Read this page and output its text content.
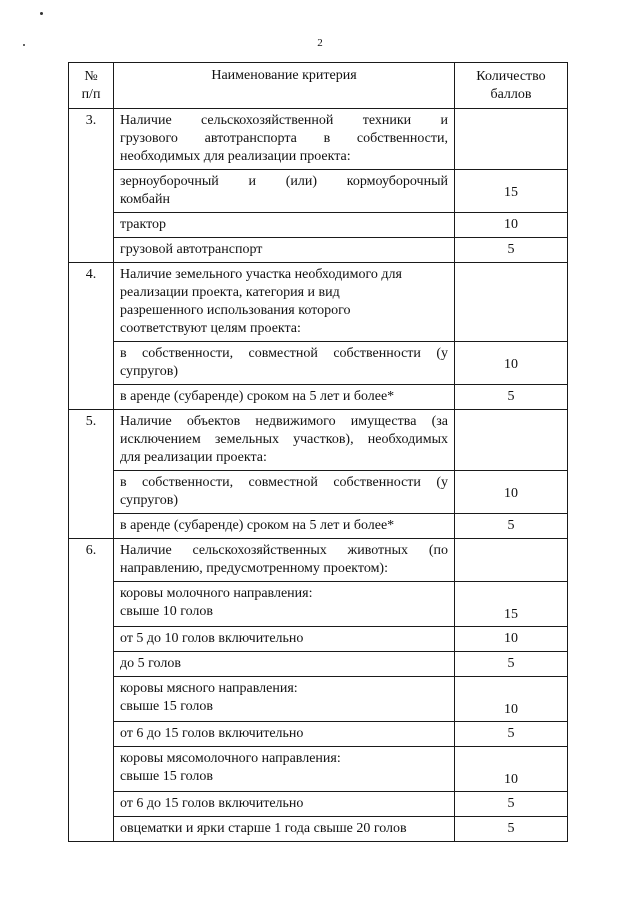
2
№
п/п	Наименование критерия	Количество
баллов

3.	Наличие сельскохозяйственной техники и
грузового автотранспорта в собственности,
необходимых для реализации проекта:	

	зерноуборочный и (или) кормоуборочный
комбайн	15
	трактор	10
	грузовой автотранспорт	5
4.	Наличие земельного участка необходимого для
реализации проекта, категория и вид
разрешенного использования которого
соответствуют целям проекта:	

	в собственности, совместной собственности (у
супругов)	10
	в аренде (субаренде) сроком на 5 лет и более*	5
5.	Наличие объектов недвижимого имущества (за
исключением земельных участков), необходимых
для реализации проекта:	

	в собственности, совместной собственности (у
супругов)	10
	в аренде (субаренде) сроком на 5 лет и более*	5
6.	Наличие сельскохозяйственных животных (по
направлению, предусмотренному проектом):	

	коровы молочного направления:
свыше 10 голов	15
	от 5 до 10 голов включительно	10
	до 5 голов	5

	коровы мясного направления:
свыше 15 голов	10
	от 6 до 15 голов включительно	5

	коровы мясомолочного направления:
свыше 15 голов	10
	от 6 до 15 голов включительно	5
	овцематки и ярки старше 1 года свыше 20 голов	5
